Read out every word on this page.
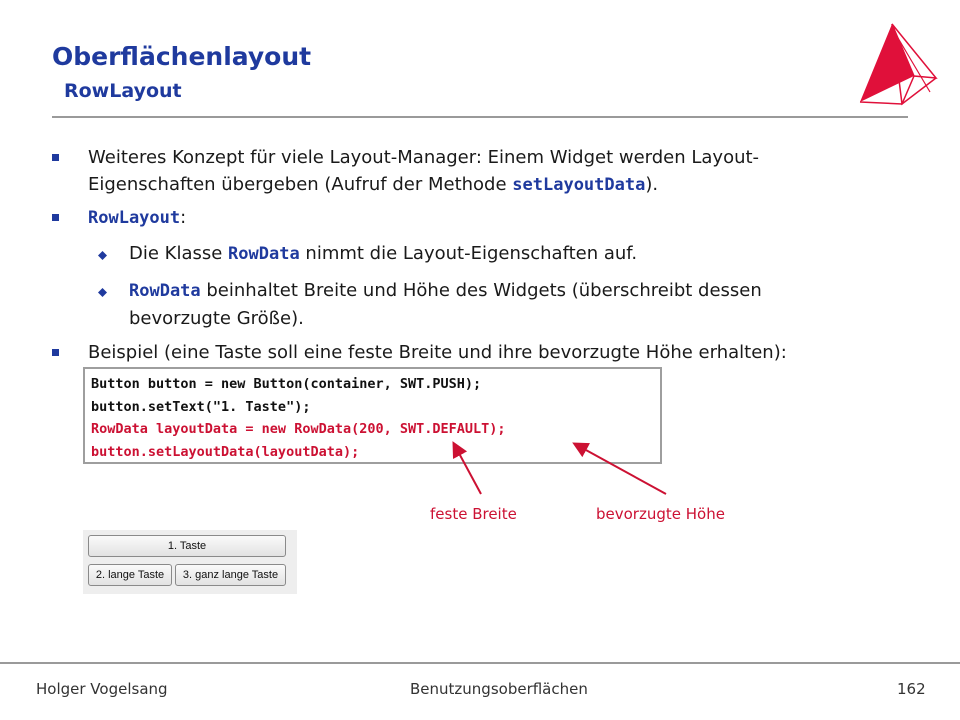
Oberflächenlayout
RowLayout
Weiteres Konzept für viele Layout-Manager: Einem Widget werden Layout-
Eigenschaften übergeben (Aufruf der Methode setLayoutData).
RowLayout:
Die Klasse RowData nimmt die Layout-Eigenschaften auf.
RowData beinhaltet Breite und Höhe des Widgets (überschreibt dessen
bevorzugte Größe).
Beispiel (eine Taste soll eine feste Breite und ihre bevorzugte Höhe erhalten):
Button button = new Button(container, SWT.PUSH);
button.setText("1. Taste");
RowData layoutData = new RowData(200, SWT.DEFAULT);
button.setLayoutData(layoutData);
feste Breite	bevorzugte Höhe
1. Taste
2. lange Taste	3. ganz lange Taste
Holger Vogelsang	Benutzungsoberflächen	162
